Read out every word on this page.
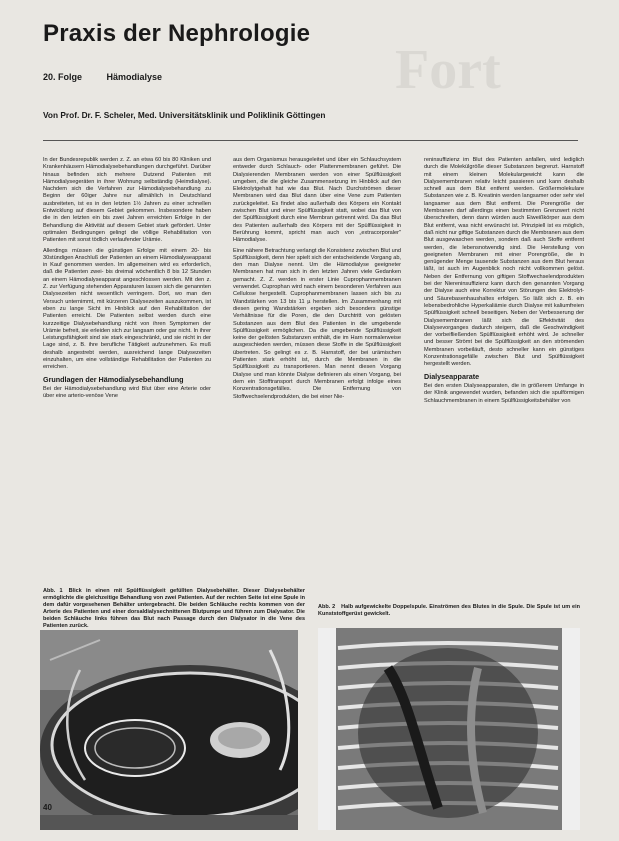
Fort
Praxis der Nephrologie
20. Folge	Hämodialyse
Von Prof. Dr. F. Scheler, Med. Universitätsklinik und Poliklinik Göttingen

In der Bundesrepublik werden z. Z. an etwa 60 bis 80 Kliniken und Krankenhäusern Hämodialysebehandlungen durchgeführt. Darüber hinaus befinden sich mehrere Dutzend Patienten mit Hämodialysegeräten in ihrer Wohnung selbständig (Heimdialyse). Nachdem sich die Verfahren zur Hämodialysebehandlung zu Beginn der 60iger Jahre nur allmählich in Deutschland ausbreiteten, ist es in den letzten 1½ Jahren zu einer schnellen Entwicklung auf diesem Gebiet gekommen. Insbesondere haben die in den letzten ein bis zwei Jahren erreichten Erfolge in der Behandlung die Aktivität auf diesem Gebiet stark gefördert. Unter optimalen Bedingungen gelingt die völlige Rehabilitation von Patienten mit sonst tödlich verlaufender Urämie.

Allerdings müssen die günstigen Erfolge mit einem 20- bis 30stündigen Anschluß der Patienten an einem Hämodialyseapparat in Kauf genommen werden. Im allgemeinen wird es erforderlich, daß die Patienten zwei- bis dreimal wöchentlich 8 bis 12 Stunden an einem Hämodialyseapparat angeschlossen werden. Mit den z. Z. zur Verfügung stehenden Apparaturen lassen sich die genannten Dialysezeiten nicht wesentlich verringern. Dort, wo man den Versuch unternimmt, mit kürzeren Dialysezeiten auszukommen, ist eben zu lange Sicht im Hinblick auf den Rehabilitation der Patienten erreicht. Die Patienten selbst werden durch eine kurzzeitige Dialysebehandlung nicht von ihren Symptomen der Urämie befreit, sie erleiden sich zur langsam oder gar nicht. In ihrer Leistungsfähigkeit sind sie stark eingeschränkt, und sie nicht in der Lage sind, z. B. ihre berufliche Tätigkeit aufzunehmen. Es muß deshalb angestrebt werden, ausreichend lange Dialysezeiten einzuhalten, um eine vollständige Rehabilitation der Patienten zu erreichen.

Grundlagen der Hämodialysebehandlung

Bei der Hämodialysebehandlung wird Blut über eine Arterie oder über eine arterio-venöse Vene

aus dem Organismus herausgeleitet und über ein Schlauchsystem entweder durch Schlauch- oder Plattenmembranen geführt. Die Dialysierenden Membranen werden von einer Spülflüssigkeit umgeben, die die gleiche Zusammensetzung im Hinblick auf den Elektrolytgehalt hat wie das Blut. Nach Durchströmen dieser Membranen wird das Blut dann über eine Vene zum Patienten zurückgeleitet. Es findet also außerhalb des Körpers ein Kontakt zwischen Blut und einer Spülflüssigkeit statt, wobei das Blut von der Spülflüssigkeit durch eine Membran getrennt wird. Da das Blut des Patienten außerhalb des Körpers mit der Spülflüssigkeit in Berührung kommt, spricht man auch von „extracorporaler" Hämodialyse.

Eine nähere Betrachtung verlangt die Konsistenz zwischen Blut und Spülflüssigkeit, denn hier spielt sich der entscheidende Vorgang ab, den man Dialyse nennt. Um die Hämodialyse geeigneter Membranen hat man sich in den letzten Jahren viele Gedanken gemacht. Z. Z. werden in erster Linie Cuprophanmembranen verwendet. Cuprophan wird nach einem besonderen Verfahren aus Cellulose hergestellt. Cuprophanmembranen lassen sich bis zu Wandstärken von 13 bis 11 µ herstellen. Im Zusammenhang mit diesen gering Wandstärken ergeben sich besonders günstige Verhältnisse für die Poren, die den Durchtritt von gelösten Substanzen aus dem Blut des Patienten in die umgebende Spülflüssigkeit ermöglichen. Da die umgebende Spülflüssigkeit keine der gelösten Substanzen enthält, die im Harn normalerweise ausgeschieden werden, müssen diese Stoffe in die Spülflüssigkeit übertreten. So gelingt es z. B. Harnstoff, der bei urämischen Patienten stark erhöht ist, durch die Membranen in die Spülflüssigkeit zu transportieren. Man nennt diesen Vorgang Dialyse und man könnte Dialyse definieren als einen Vorgang, bei dem ein Stofftransport durch Membranen erfolgt infolge eines Konzentrationsgefälles. Die Entfernung von Stoffwechselendprodukten, die bei einer Nie-

reninsuffizienz im Blut des Patienten anfallen, wird lediglich durch die Molekülgröße dieser Substanzen begrenzt. Harnstoff mit einem kleinen Molekulargewicht kann die Dialysemembranen relativ leicht passieren und kann deshalb schnell aus dem Blut entfernt werden. Größermolekulare Substanzen wie z. B. Kreatinin werden langsamer oder sehr viel langsamer aus dem Blut entfernt. Die Porengröße der Membranen darf allerdings einen bestimmten Grenzwert nicht überschreiten, denn dann würden auch Eiweißkörper aus dem Blut entfernt, was nicht erwünscht ist. Prinzipiell ist es möglich, daß nicht nur giftige Substanzen durch die Membranen aus dem Blut ausgewaschen werden, sondern daß auch Stoffe entfernt werden, die lebensnotwendig sind. Die Herstellung von geeigneten Membranen mit einer Porengröße, die in genügender Menge tausende Substanzen aus dem Blut heraus läßt, ist auch im Augenblick noch nicht vollkommen gelöst. Neben der Entfernung von giftigen Stoffwechselendprodukten bei der Niereninsuffizienz kann durch den genannten Vorgang der Dialyse auch eine Korrektur von Störungen des Elektrolyt- und Säurebasenhaushaltes erfolgen. So läßt sich z. B. ein lebensbedrohliche Hyperkaliämie durch Dialyse mit kaliumfreien Spülflüssigkeit schnell beseitigen. Neben der Verbesserung der Dialysemembranen läßt sich die Effektivität des Dialysevorganges dadurch steigern, daß die Geschwindigkeit der vorbeifließenden Spülflüssigkeit erhöht wird. Je schneller und besser Strömt bei die Spülflüssigkeit an den strömenden Membranen vorbeiläuft, desto schneller kann ein günstiges Konzentrationsgefälle zwischen Blut und Spülflüssigkeit hergestellt werden.

Dialyseapparate

Bei den ersten Dialyseapparaten, die in größerem Umfange in der Klinik angewendet wurden, befanden sich die spulförmigen Schlauchmembranen in einem Spülflüssigkeitsbehälter von

Abb. 1 Blick in einen mit Spülflüssigkeit gefüllten Dialysebehälter. Dieser Dialysebehälter ermöglichte die gleichzeitige Behandlung von zwei Patienten. Auf der rechten Seite ist eine Spule in dem dafür vorgesehenen Behälter untergebracht. Die beiden Schläuche rechts kommen von der Arterie des Patienten und einer dorsaldialysechnittenen Blutpumpe und führen zum Dialysator. Die beiden Schläuche links führen das Blut nach Passage durch den Dialysator in die Vene des Patienten zurück.
Abb. 2 Halb aufgewickelte Doppelspule. Einströmen des Blutes in die Spule. Die Spule ist um ein Kunststoffgerüst gewickelt.
40
